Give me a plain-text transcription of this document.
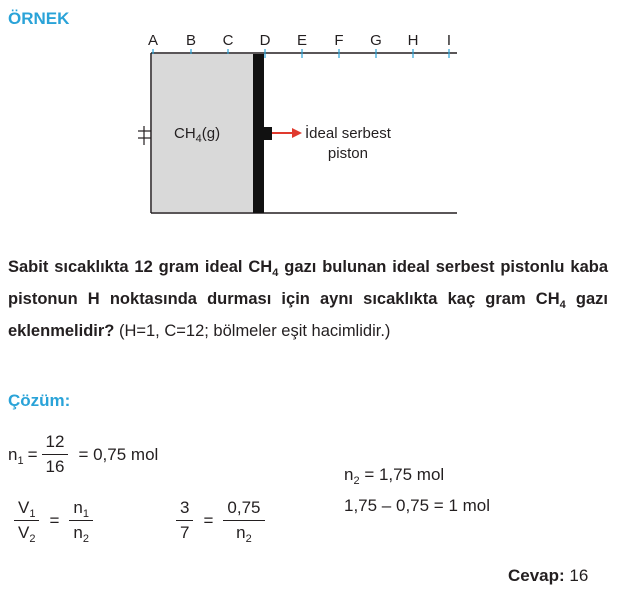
ÖRNEK
A	B	C	D	E	F	G	H	I
$CH_4(g)$	İdeal serbest
piston
Sabit sıcaklıkta 12 gram ideal $CH_4$ gazı bulunan ideal serbest pistonlu kaba pistonun H noktasında durması için aynı sıcaklıkta kaç gram $CH_4$ gazı eklenmelidir? (H=1, C=12; bölmeler eşit hacimlidir.)
Çözüm:
$n_1 = \frac{12}{16} = 0,75$ mol
$\frac{V_1}{V_2} = \frac{n_1}{n_2}$	$\frac{3}{7} = \frac{0,75}{n_2}$
$n_2 = 1,75$ mol
1,75 – 0,75 = 1 mol
Cevap: 16
